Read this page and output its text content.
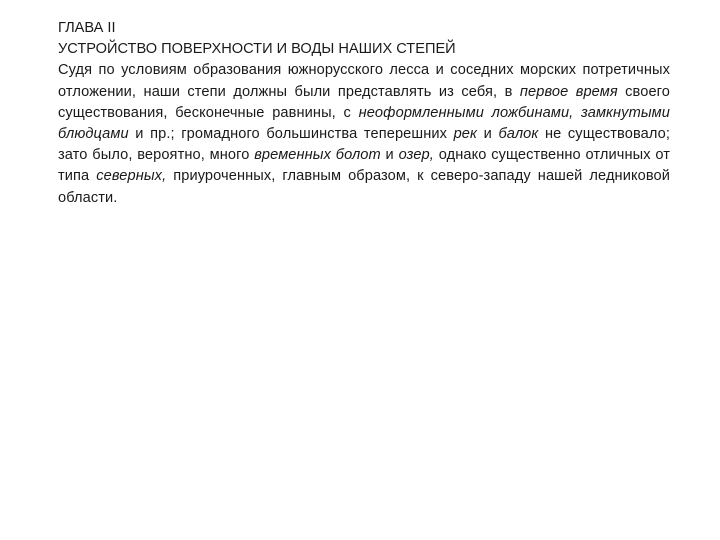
ГЛАВА II

УСТРОЙСТВО ПОВЕРХНОСТИ И ВОДЫ НАШИХ СТЕПЕЙ

Судя по условиям образования южнорусского лесса и соседних морских потретичных отложении, наши степи должны были представлять из себя, в первое время своего существования, бесконечные равнины, с неоформленными ложбинами, замкнутыми блюдцами и пр.; громадного большинства теперешних рек и балок не существовало; зато было, вероятно, много временных болот и озер, однако существенно отличных от типа северных, приуроченных, главным образом, к северо-западу нашей ледниковой области.
